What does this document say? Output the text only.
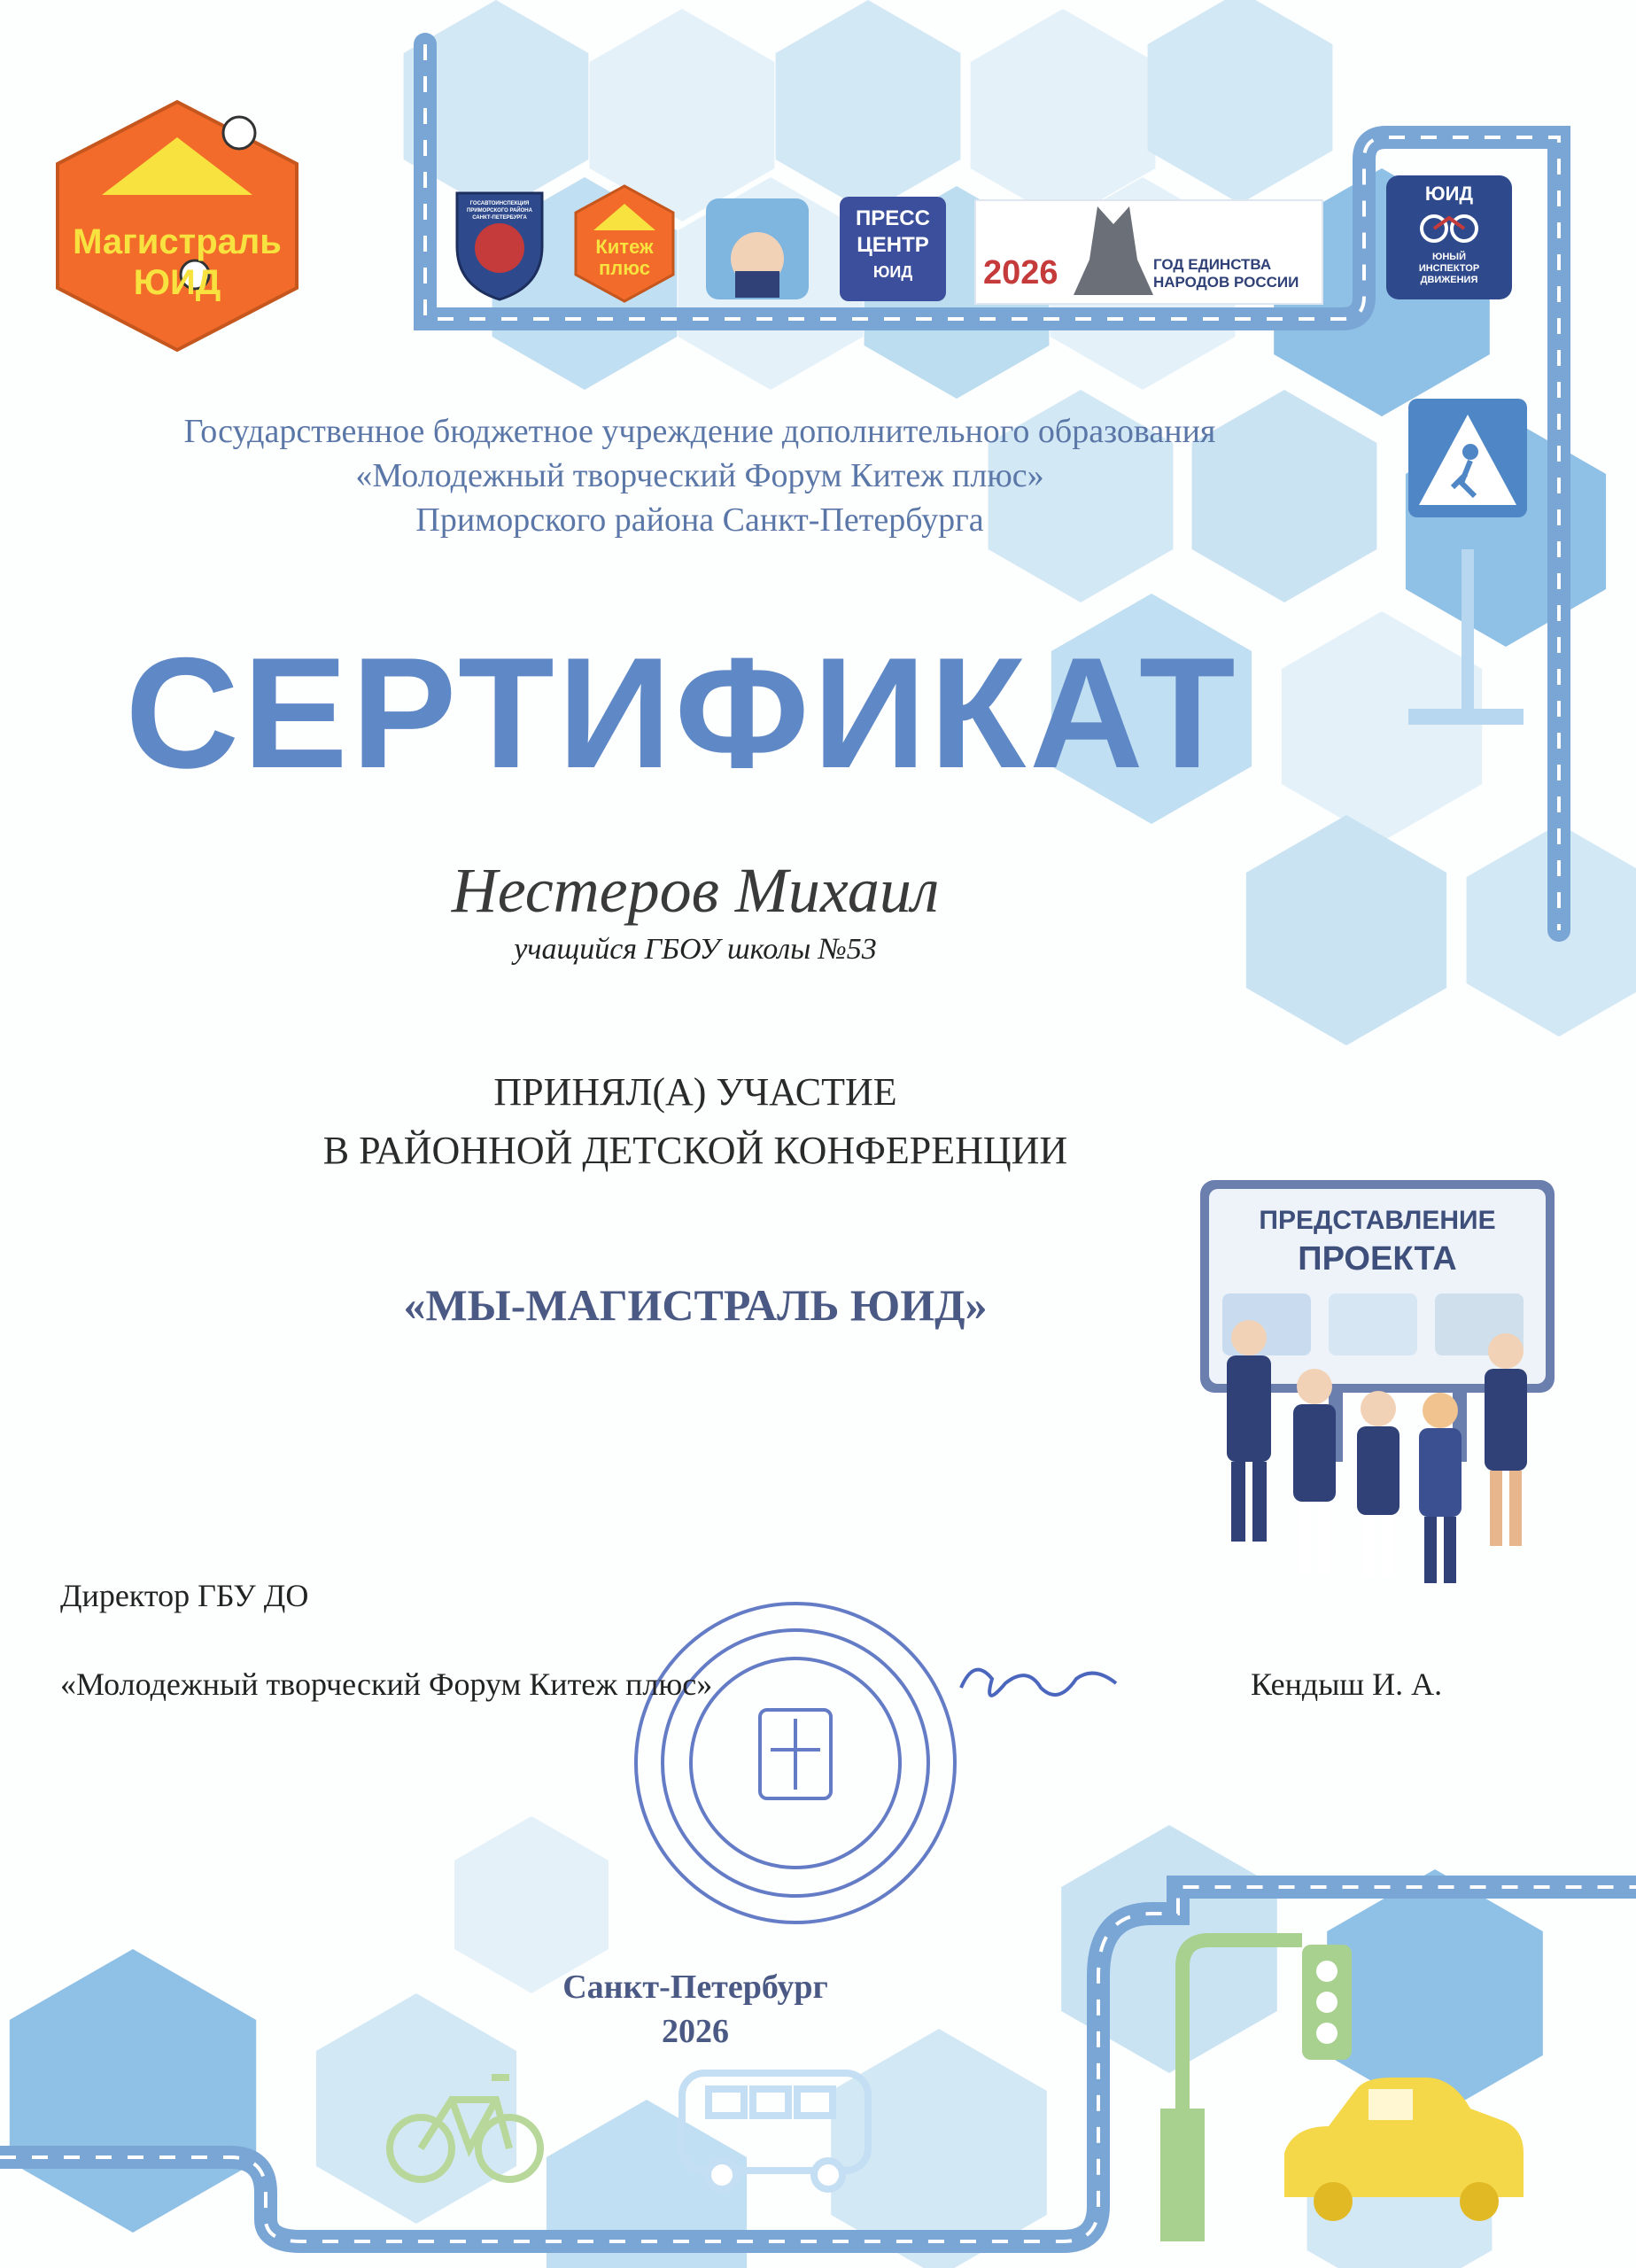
Магистраль
ЮИД
ГОСАВТОИНСПЕКЦИЯ ПРИМОРСКОГО РАЙОНА САНКТ-ПЕТЕРБУРГА
Китеж
плюс
ПРЕСС
ЦЕНТР
ЮИД	2026	ГОД ЕДИНСТВА
НАРОДОВ РОССИИ
ЮИД
ЮНЫЙ
ИНСПЕКТОР
ДВИЖЕНИЯ
Государственное бюджетное учреждение дополнительного образования
«Молодежный творческий Форум Китеж плюс»
Приморского района Санкт-Петербурга
СЕРТИФИКАТ
Нестеров Михаил
учащийся ГБОУ школы №53
ПРИНЯЛ(А) УЧАСТИЕ
В РАЙОННОЙ ДЕТСКОЙ КОНФЕРЕНЦИИ
«МЫ-МАГИСТРАЛЬ ЮИД»
ПРЕДСТАВЛЕНИЕ
ПРОЕКТА
Директор ГБУ ДО
«Молодежный творческий Форум Китеж плюс»	Кендыш И. А.
Санкт-Петербург
2026
